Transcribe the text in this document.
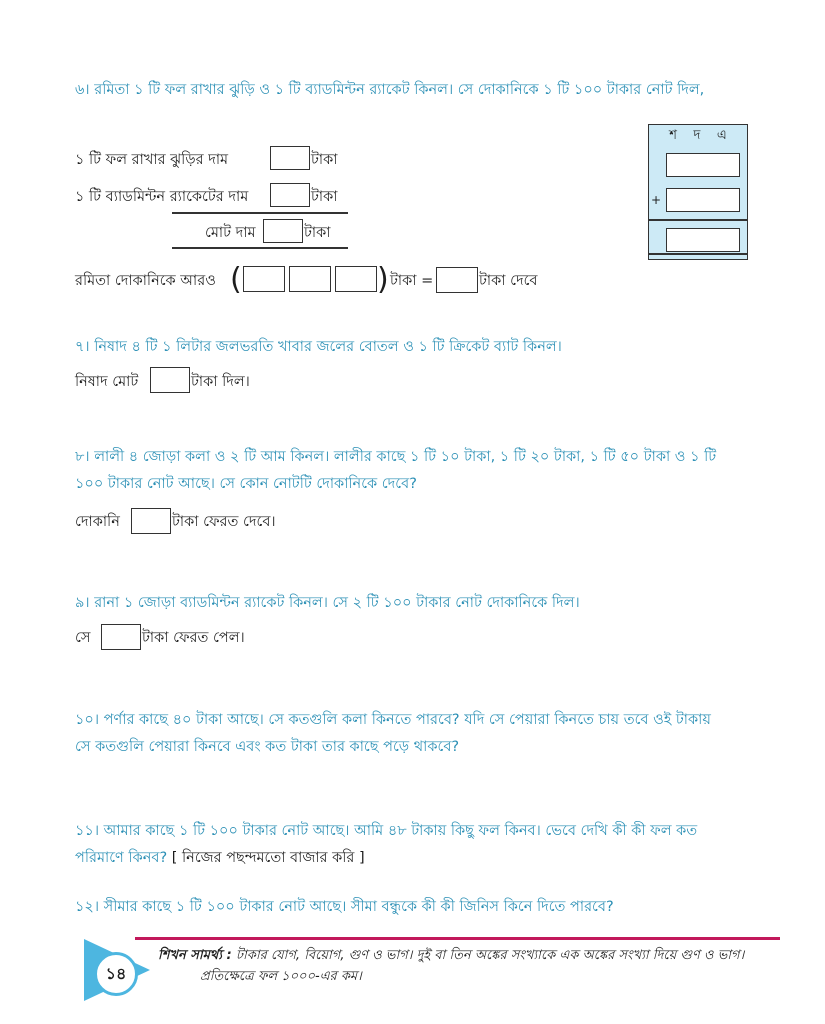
৬। রমিতা ১ টি ফল রাখার ঝুড়ি ও ১ টি ব্যাডমিন্টন র‍্যাকেট কিনল। সে দোকানিকে ১ টি ১০০ টাকার নোট দিল,
১ টি ফল রাখার ঝুড়ির দাম	টাকা
১ টি ব্যাডমিন্টন র‍্যাকেটের দাম	টাকা
মোট দাম	টাকা
রমিতা দোকানিকে আরও (	) টাকা =	টাকা দেবে
শ দ এ
+
৭। নিষাদ ৪ টি ১ লিটার জলভরতি খাবার জলের বোতল ও ১ টি ক্রিকেট ব্যাট কিনল।
নিষাদ মোট	টাকা দিল।
৮। লালী ৪ জোড়া কলা ও ২ টি আম কিনল। লালীর কাছে ১ টি ১০ টাকা, ১ টি ২০ টাকা, ১ টি ৫০ টাকা ও ১ টি
১০০ টাকার নোট আছে। সে কোন নোটটি দোকানিকে দেবে?
দোকানি	টাকা ফেরত দেবে।
৯। রানা ১ জোড়া ব্যাডমিন্টন র‍্যাকেট কিনল। সে ২ টি ১০০ টাকার নোট দোকানিকে দিল।
সে	টাকা ফেরত পেল।
১০। পর্ণার কাছে ৪০ টাকা আছে। সে কতগুলি কলা কিনতে পারবে? যদি সে পেয়ারা কিনতে চায় তবে ওই টাকায়
সে কতগুলি পেয়ারা কিনবে এবং কত টাকা তার কাছে পড়ে থাকবে?
১১। আমার কাছে ১ টি ১০০ টাকার নোট আছে। আমি ৪৮ টাকায় কিছু ফল কিনব। ভেবে দেখি কী কী ফল কত
পরিমাণে কিনব? [ নিজের পছন্দমতো বাজার করি ]
১২। সীমার কাছে ১ টি ১০০ টাকার নোট আছে। সীমা বন্ধুকে কী কী জিনিস কিনে দিতে পারবে?
১৪
শিখন সামর্থ্য : টাকার যোগ, বিয়োগ, গুণ ও ভাগ। দুই বা তিন অঙ্কের সংখ্যাকে এক অঙ্কের সংখ্যা দিয়ে গুণ ও ভাগ।
প্রতিক্ষেত্রে ফল ১০০০-এর কম।
